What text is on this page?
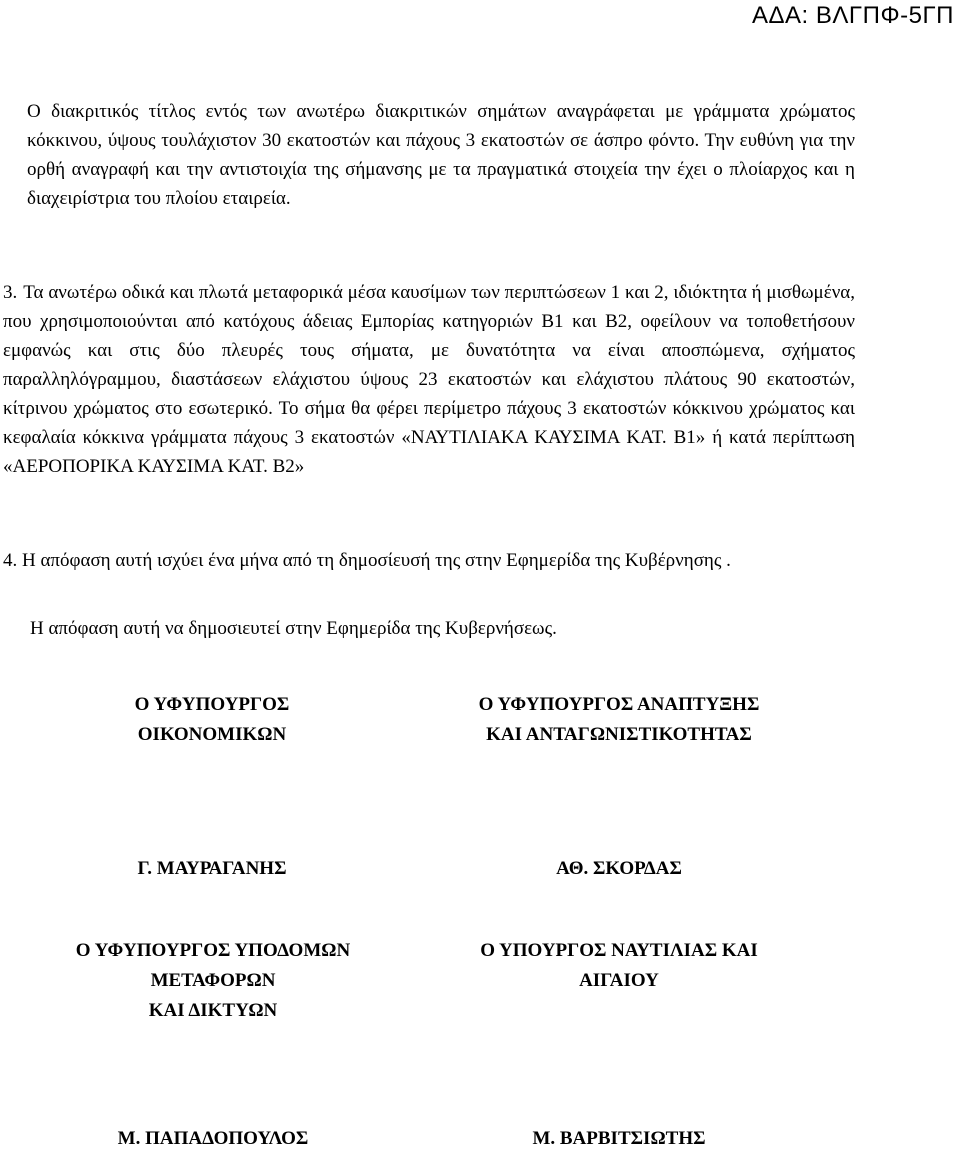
ΑΔΑ: ΒΛΓΠΦ-5ΓΠ
Ο διακριτικός τίτλος εντός των ανωτέρω διακριτικών σημάτων αναγράφεται με γράμματα χρώματος κόκκινου, ύψους τουλάχιστον 30 εκατοστών και πάχους 3 εκατοστών σε άσπρο φόντο. Την ευθύνη για την ορθή αναγραφή και την αντιστοιχία της σήμανσης με τα πραγματικά στοιχεία την έχει ο πλοίαρχος και η διαχειρίστρια του πλοίου εταιρεία.
3. Τα ανωτέρω οδικά και πλωτά μεταφορικά μέσα καυσίμων των περιπτώσεων 1 και 2, ιδιόκτητα ή μισθωμένα, που χρησιμοποιούνται από κατόχους άδειας Εμπορίας κατηγοριών Β1 και Β2, οφείλουν να τοποθετήσουν εμφανώς και στις δύο πλευρές τους σήματα, με δυνατότητα να είναι αποσπώμενα, σχήματος παραλληλόγραμμου, διαστάσεων ελάχιστου ύψους 23 εκατοστών και ελάχιστου πλάτους 90 εκατοστών, κίτρινου χρώματος στο εσωτερικό. Το σήμα θα φέρει περίμετρο πάχους 3 εκατοστών κόκκινου χρώματος και κεφαλαία κόκκινα γράμματα πάχους 3 εκατοστών «ΝΑΥΤΙΛΙΑΚΑ ΚΑΥΣΙΜΑ ΚΑΤ. Β1» ή κατά περίπτωση «ΑΕΡΟΠΟΡΙΚΑ ΚΑΥΣΙΜΑ ΚΑΤ. Β2»
4. Η απόφαση αυτή ισχύει ένα μήνα από τη δημοσίευσή της στην Εφημερίδα της Κυβέρνησης .
Η απόφαση αυτή να δημοσιευτεί στην Εφημερίδα της Κυβερνήσεως.
Ο ΥΦΥΠΟΥΡΓΟΣ
ΟΙΚΟΝΟΜΙΚΩΝ
Ο ΥΦΥΠΟΥΡΓΟΣ ΑΝΑΠΤΥΞΗΣ
ΚΑΙ ΑΝΤΑΓΩΝΙΣΤΙΚΟΤΗΤΑΣ
Γ. ΜΑΥΡΑΓΑΝΗΣ	ΑΘ. ΣΚΟΡΔΑΣ
Ο ΥΦΥΠΟΥΡΓΟΣ ΥΠΟΔΟΜΩΝ
ΜΕΤΑΦΟΡΩΝ
ΚΑΙ ΔΙΚΤΥΩΝ
Ο ΥΠΟΥΡΓΟΣ ΝΑΥΤΙΛΙΑΣ ΚΑΙ
ΑΙΓΑΙΟΥ
Μ. ΠΑΠΑΔΟΠΟΥΛΟΣ	Μ. ΒΑΡΒΙΤΣΙΩΤΗΣ
